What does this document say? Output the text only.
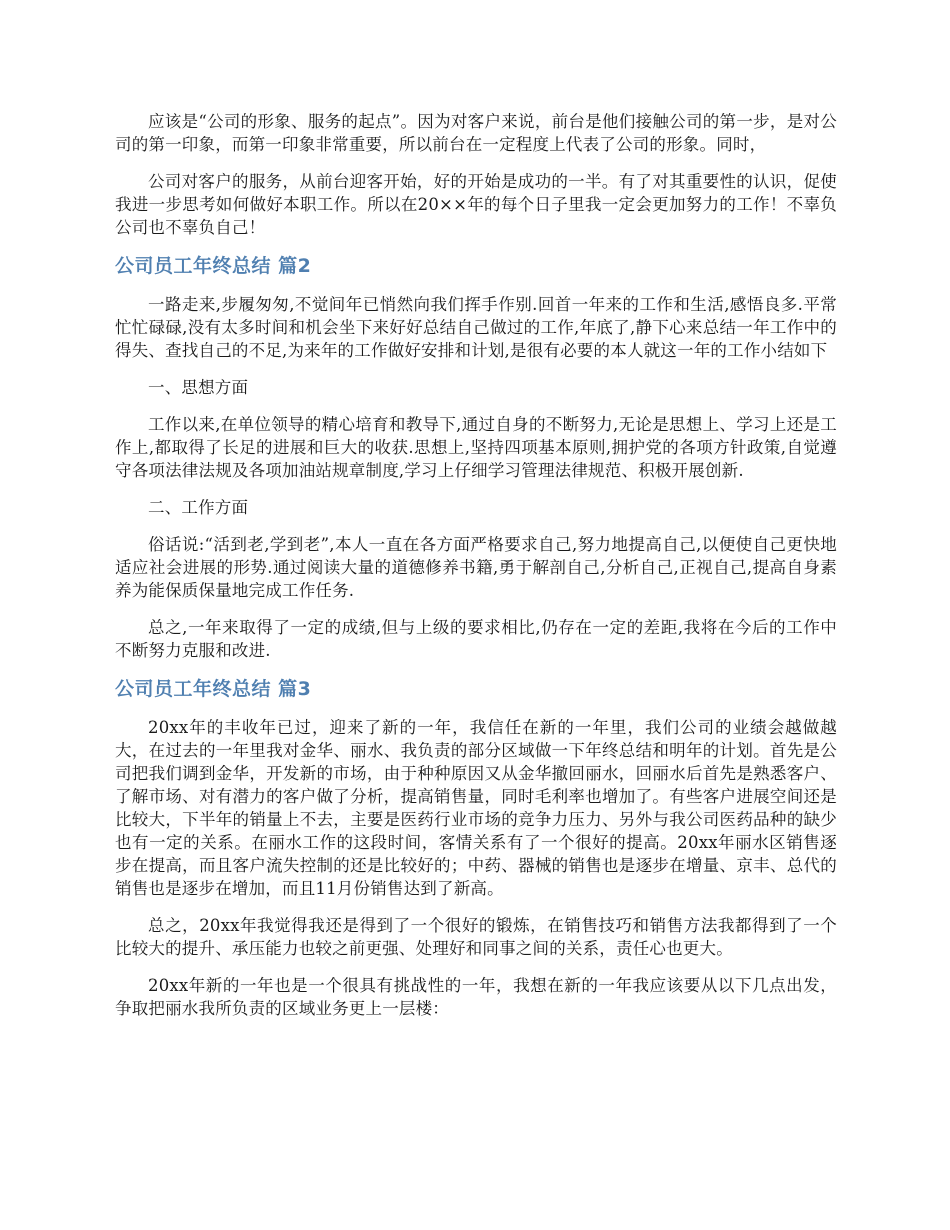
应该是“公司的形象、服务的起点”。因为对客户来说，前台是他们接触公司的第一步，是对公司的第一印象，而第一印象非常重要，所以前台在一定程度上代表了公司的形象。同时，

公司对客户的服务，从前台迎客开始，好的开始是成功的一半。有了对其重要性的认识，促使我进一步思考如何做好本职工作。所以在20××年的每个日子里我一定会更加努力的工作！不辜负公司也不辜负自己！

公司员工年终总结 篇2

一路走来,步履匆匆,不觉间年已悄然向我们挥手作别.回首一年来的工作和生活,感悟良多.平常忙忙碌碌,没有太多时间和机会坐下来好好总结自己做过的工作,年底了,静下心来总结一年工作中的得失、查找自己的不足,为来年的工作做好安排和计划,是很有必要的本人就这一年的工作小结如下

一、思想方面

工作以来,在单位领导的精心培育和教导下,通过自身的不断努力,无论是思想上、学习上还是工作上,都取得了长足的进展和巨大的收获.思想上,坚持四项基本原则,拥护党的各项方针政策,自觉遵守各项法律法规及各项加油站规章制度,学习上仔细学习管理法律规范、积极开展创新.

二、工作方面

俗话说:“活到老,学到老”,本人一直在各方面严格要求自己,努力地提高自己,以便使自己更快地适应社会进展的形势.通过阅读大量的道德修养书籍,勇于解剖自己,分析自己,正视自己,提高自身素养为能保质保量地完成工作任务.

总之,一年来取得了一定的成绩,但与上级的要求相比,仍存在一定的差距,我将在今后的工作中不断努力克服和改进.

公司员工年终总结 篇3

20xx年的丰收年已过，迎来了新的一年，我信任在新的一年里，我们公司的业绩会越做越大，在过去的一年里我对金华、丽水、我负责的部分区域做一下年终总结和明年的计划。首先是公司把我们调到金华，开发新的市场，由于种种原因又从金华撤回丽水，回丽水后首先是熟悉客户、了解市场、对有潜力的客户做了分析，提高销售量，同时毛利率也增加了。有些客户进展空间还是比较大，下半年的销量上不去，主要是医药行业市场的竞争力压力、另外与我公司医药品种的缺少也有一定的关系。在丽水工作的这段时间，客情关系有了一个很好的提高。20xx年丽水区销售逐步在提高，而且客户流失控制的还是比较好的；中药、器械的销售也是逐步在增量、京丰、总代的销售也是逐步在增加，而且11月份销售达到了新高。

总之，20xx年我觉得我还是得到了一个很好的锻炼，在销售技巧和销售方法我都得到了一个比较大的提升、承压能力也较之前更强、处理好和同事之间的关系，责任心也更大。

20xx年新的一年也是一个很具有挑战性的一年，我想在新的一年我应该要从以下几点出发，争取把丽水我所负责的区域业务更上一层楼：
